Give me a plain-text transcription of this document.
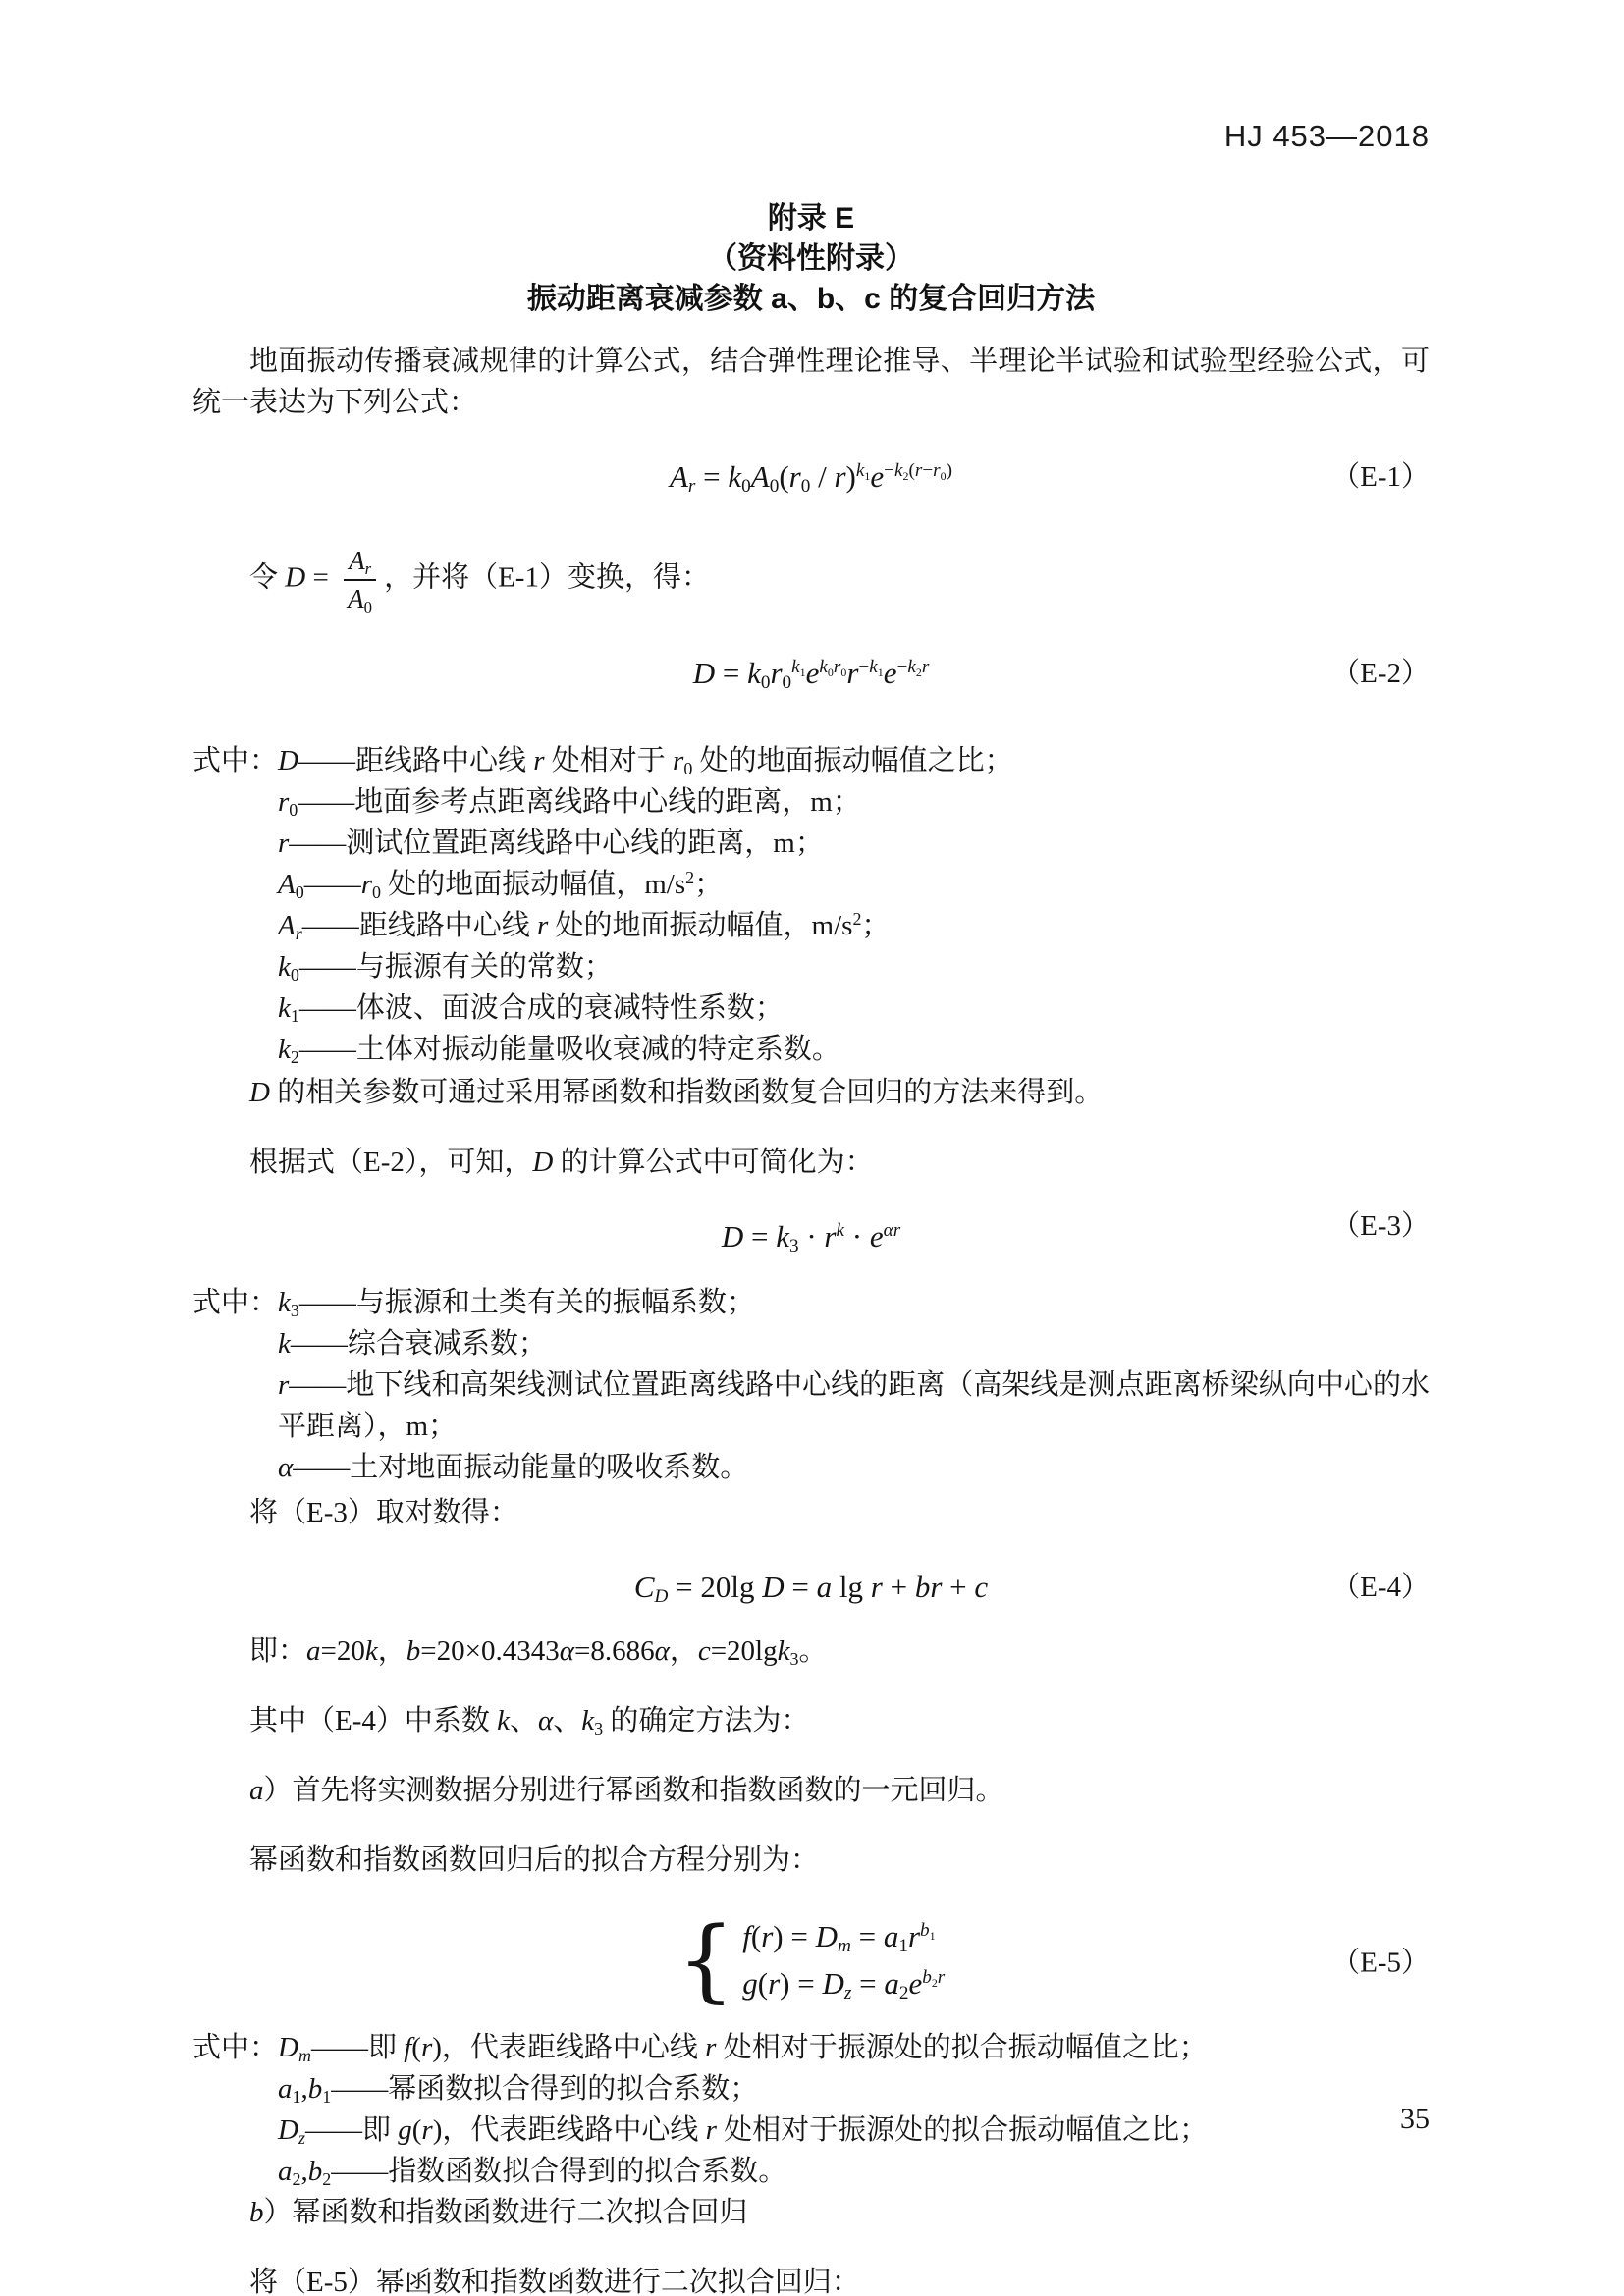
HJ 453—2018
附录 E
（资料性附录）
振动距离衰减参数 a、b、c 的复合回归方法

地面振动传播衰减规律的计算公式，结合弹性理论推导、半理论半试验和试验型经验公式，可统一表达为下列公式：

$A_r = k_0A_0(r_0 / r)^{k_1}e^{-k_2(r-r_0)}$	（E-1）
令 $D = \frac{A_r}{A_0}$ ，并将（E-1）变换，得：
$D = k_0r_0^{k_1}e^{k_0r_0}r^{-k_1}e^{-k_2r}$	（E-2）
式中：D——距线路中心线 r 处相对于 $r_0$ 处的地面振动幅值之比；
$r_0——$地面参考点距离线路中心线的距离，m；
r——测试位置距离线路中心线的距离，m；
$A_0——r_0$ 处的地面振动幅值，$m/s^2$；
$A_r——$距线路中心线 r 处的地面振动幅值，$m/s^2$；
$k_0——$与振源有关的常数；
$k_1——$体波、面波合成的衰减特性系数；
$k_2——$土体对振动能量吸收衰减的特定系数。

D 的相关参数可通过采用幂函数和指数函数复合回归的方法来得到。

根据式（E-2），可知，D 的计算公式中可简化为：

$D = k_3 \cdot r^k \cdot e^{\alpha r}$	（E-3）
式中：$k_3——$与振源和土类有关的振幅系数；
k——综合衰减系数；
r——地下线和高架线测试位置距离线路中心线的距离（高架线是测点距离桥梁纵向中心的水平距离），m；
α——土对地面振动能量的吸收系数。

将（E-3）取对数得：

$C_D = 20\lg$ D = a lg r + br + c	（E-4）

即：a=20k，b=20×0.4343α=8.686α，c=20lgk$_3$。

其中（E-4）中系数 k、α、$k_3$ 的确定方法为：

a）首先将实测数据分别进行幂函数和指数函数的一元回归。

幂函数和指数函数回归后的拟合方程分别为：

{ $f(r) = D_m = a_1r^{b_1}$
$g(r) = D_z = a_2e^{b_2r}$	（E-5）
式中：$D_m——$即 f(r)，代表距线路中心线 r 处相对于振源处的拟合振动幅值之比；
$a_1,b_1——$幂函数拟合得到的拟合系数；
$D_z——$即 g(r)，代表距线路中心线 r 处相对于振源处的拟合振动幅值之比；
$a_2,b_2——$指数函数拟合得到的拟合系数。

b）幂函数和指数函数进行二次拟合回归

将（E-5）幂函数和指数函数进行二次拟合回归：

35
